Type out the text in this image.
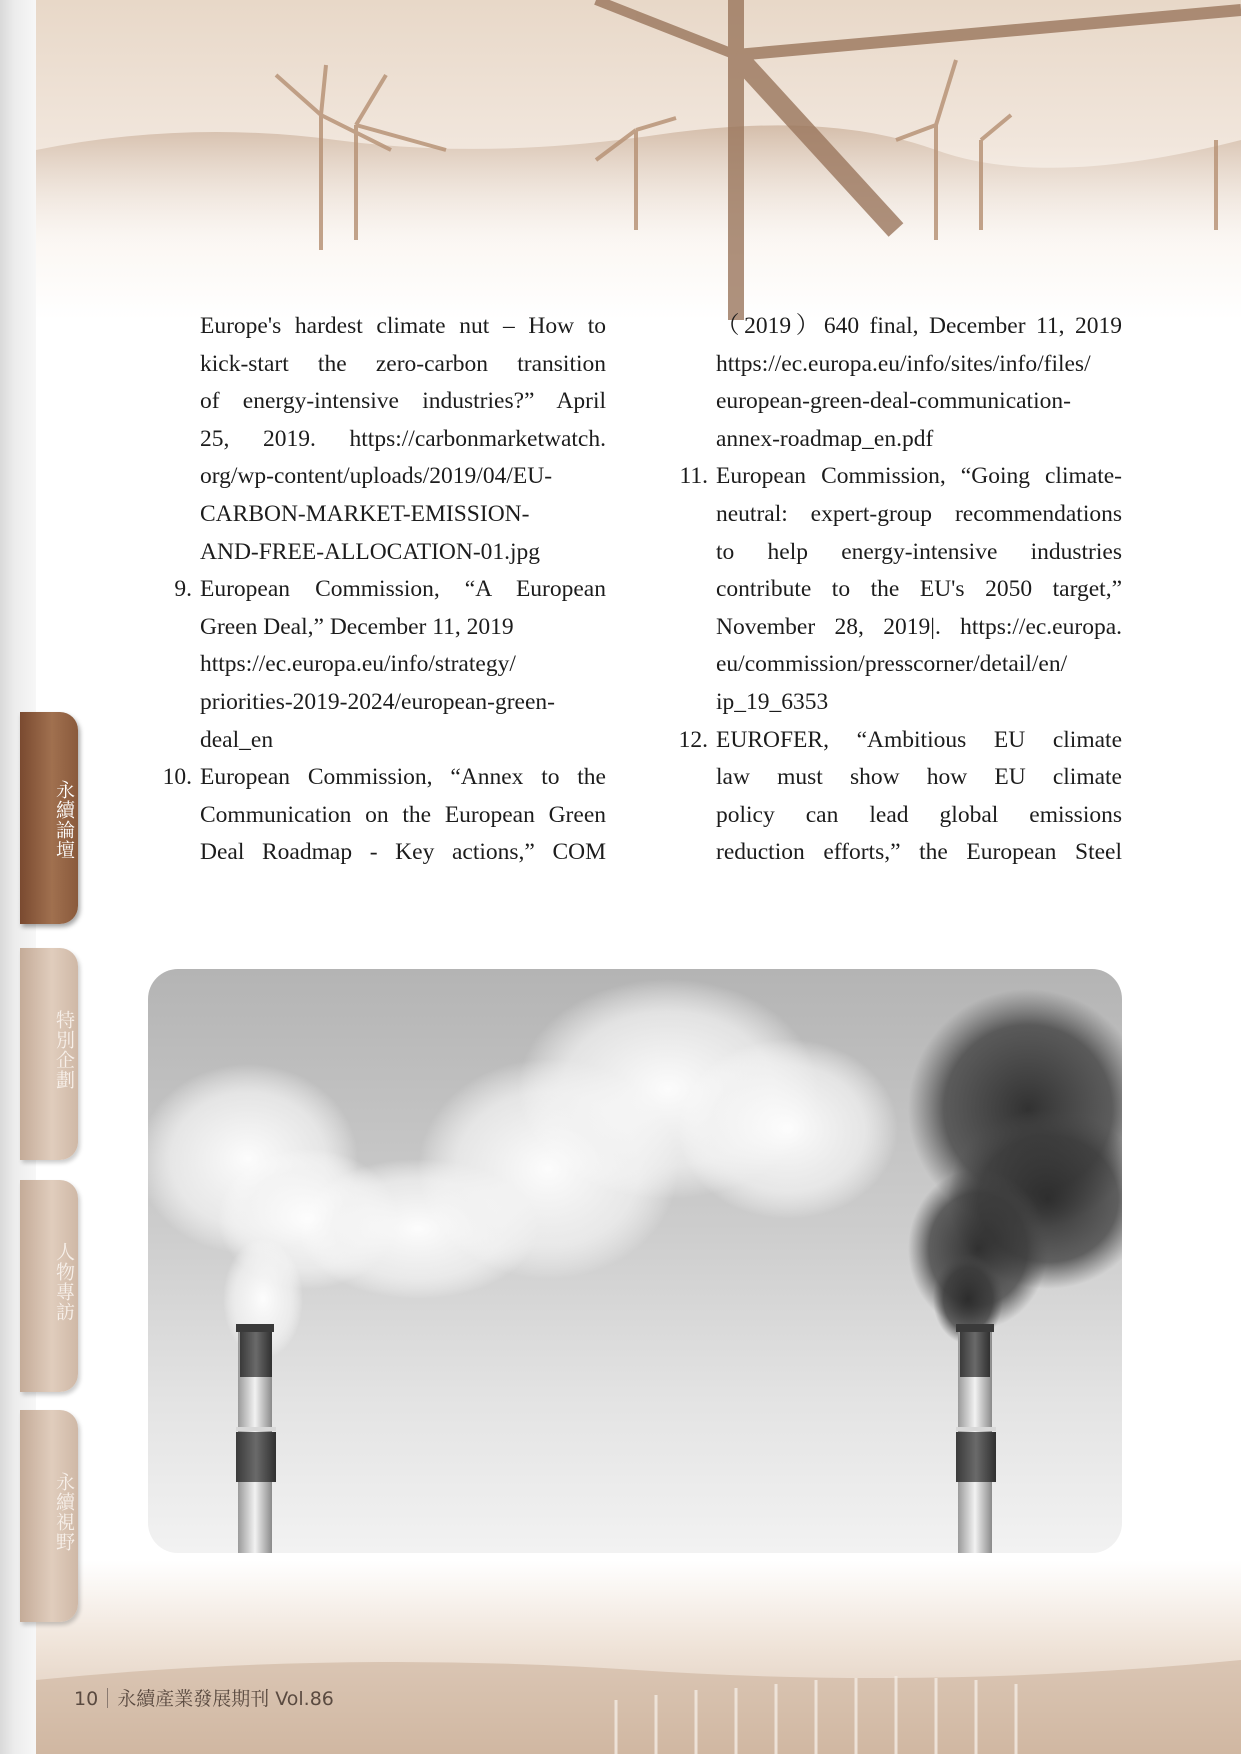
Europe's hardest climate nut – How to
kick-start the zero-carbon transition
of energy-intensive industries?” April
25, 2019. https://carbonmarketwatch.
org/wp-content/uploads/2019/04/EU-
CARBON-MARKET-EMISSION-
AND-FREE-ALLOCATION-01.jpg
9. European Commission, “A European
Green Deal,” December 11, 2019
https://ec.europa.eu/info/strategy/
priorities-2019-2024/european-green-
deal_en
10. European Commission, “Annex to the
Communication on the European Green
Deal Roadmap - Key actions,” COM
（2019）640 final, December 11, 2019
https://ec.europa.eu/info/sites/info/files/
european-green-deal-communication-
annex-roadmap_en.pdf
11. European Commission, “Going climate-
neutral: expert-group recommendations
to help energy-intensive industries
contribute to the EU's 2050 target,”
November 28, 2019|. https://ec.europa.
eu/commission/presscorner/detail/en/
ip_19_6353
12. EUROFER, “Ambitious EU climate
law must show how EU climate
policy can lead global emissions
reduction efforts,” the European Steel
永續論壇
特別企劃
人物專訪
永續視野
10 永續產業發展期刊 Vol.86
